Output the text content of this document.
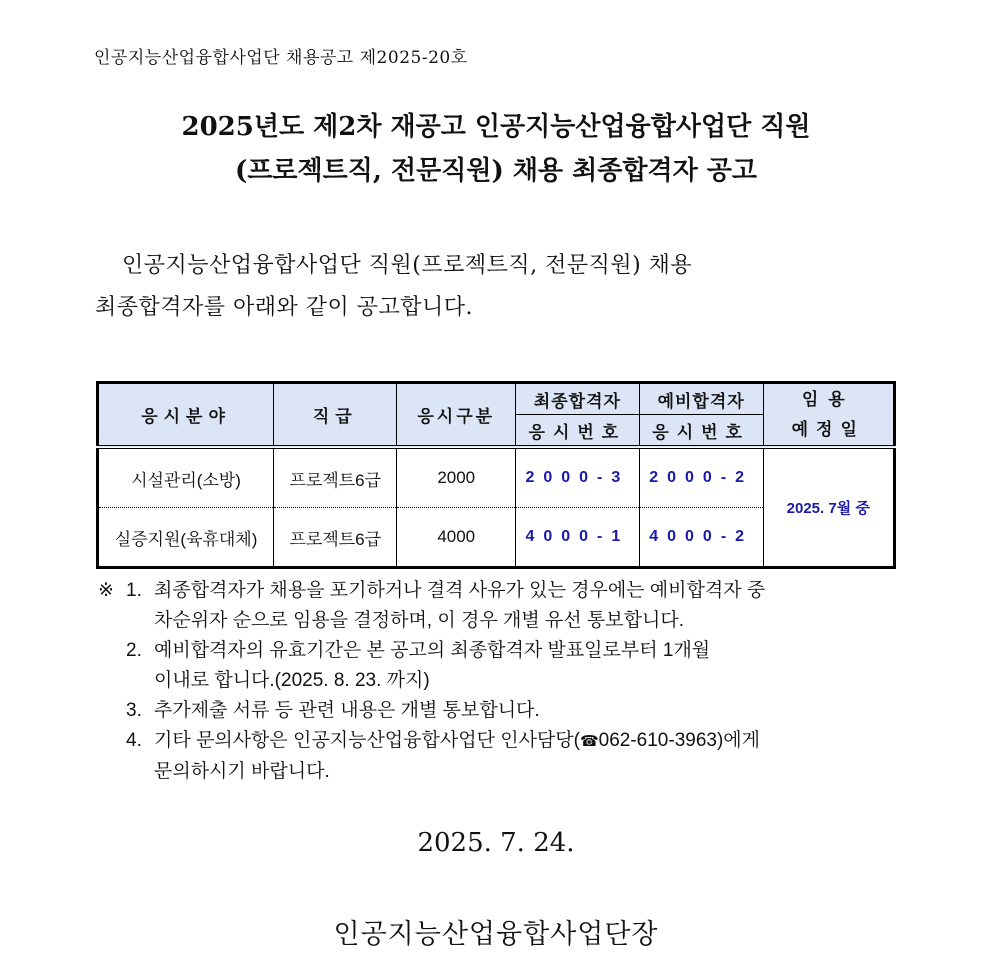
인공지능산업융합사업단 채용공고 제2025-20호
2025년도 제2차 재공고 인공지능산업융합사업단 직원
(프로젝트직, 전문직원) 채용 최종합격자 공고
인공지능산업융합사업단 직원(프로젝트직, 전문직원) 채용
최종합격자를 아래와 같이 공고합니다.
응시분야	직급	응시구분	최종합격자	예비합격자	임용
예정일

			응시번호	응시번호	
시설관리(소방)	프로젝트6급	2000	2000-3	2000-2	2025. 7월 중
실증지원(육휴대체)	프로젝트6급	4000	4000-1	4000-2	
※ 1. 최종합격자가 채용을 포기하거나 결격 사유가 있는 경우에는 예비합격자 중
차순위자 순으로 임용을 결정하며, 이 경우 개별 유선 통보합니다.
2. 예비합격자의 유효기간은 본 공고의 최종합격자 발표일로부터 1개월
이내로 합니다.(2025. 8. 23. 까지)
3. 추가제출 서류 등 관련 내용은 개별 통보합니다.
4. 기타 문의사항은 인공지능산업융합사업단 인사담당(☎062-610-3963)에게
문의하시기 바랍니다.
2025. 7. 24.
인공지능산업융합사업단장
